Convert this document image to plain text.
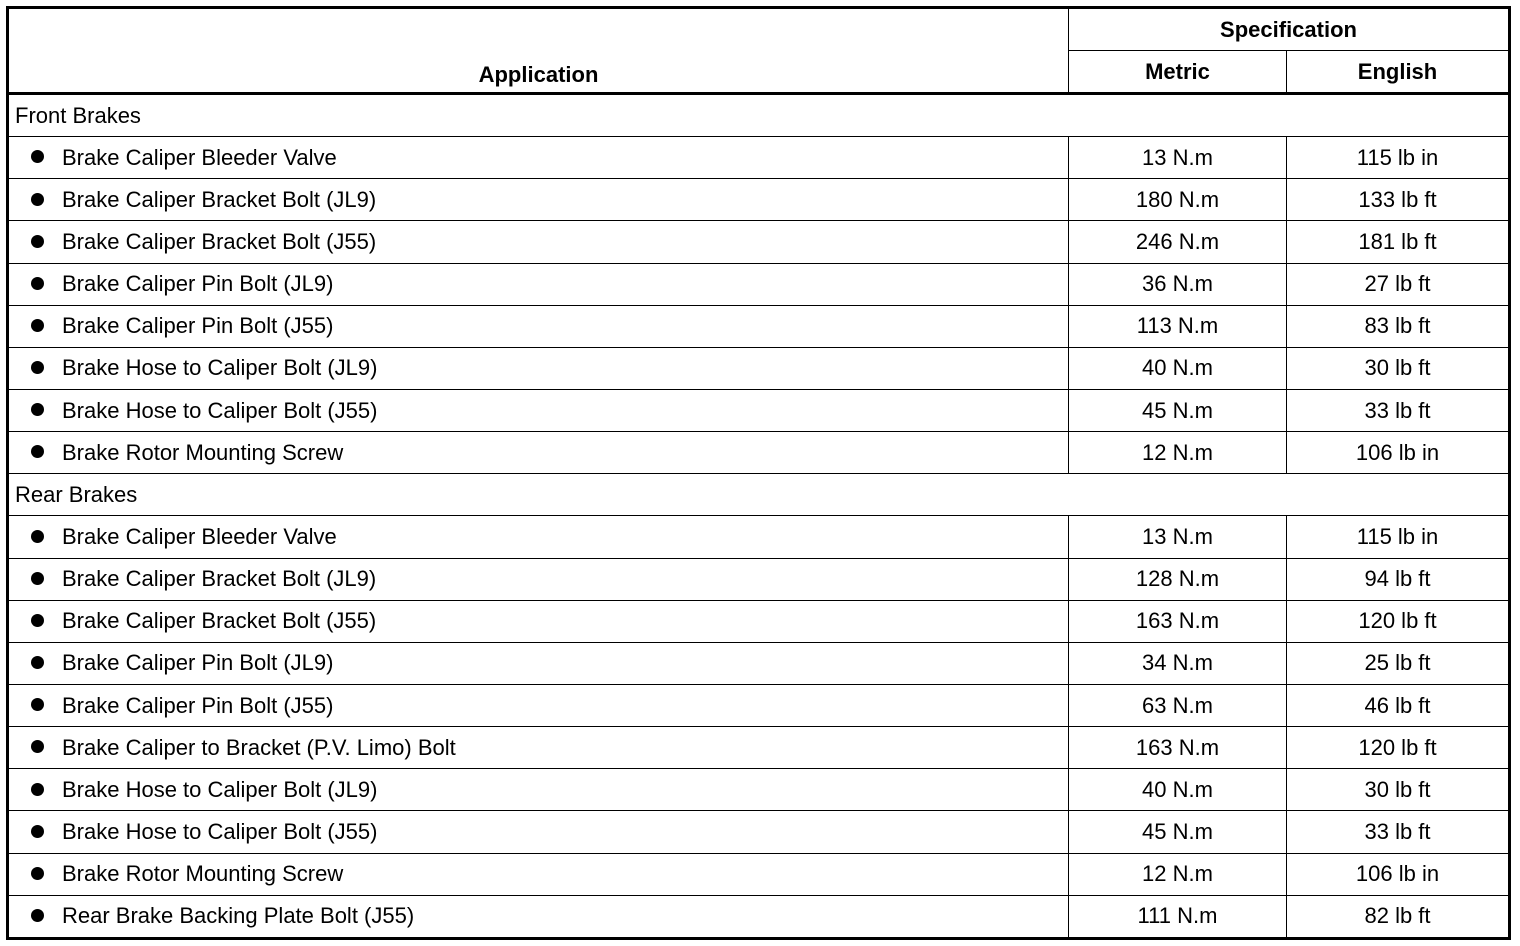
Application	Specification	
	Metric	English
Front Brakes		
Brake Caliper Bleeder Valve	13 N.m	115 lb in
Brake Caliper Bracket Bolt (JL9)	180 N.m	133 lb ft
Brake Caliper Bracket Bolt (J55)	246 N.m	181 lb ft
Brake Caliper Pin Bolt (JL9)	36 N.m	27 lb ft
Brake Caliper Pin Bolt (J55)	113 N.m	83 lb ft
Brake Hose to Caliper Bolt (JL9)	40 N.m	30 lb ft
Brake Hose to Caliper Bolt (J55)	45 N.m	33 lb ft
Brake Rotor Mounting Screw	12 N.m	106 lb in
Rear Brakes		
Brake Caliper Bleeder Valve	13 N.m	115 lb in
Brake Caliper Bracket Bolt (JL9)	128 N.m	94 lb ft
Brake Caliper Bracket Bolt (J55)	163 N.m	120 lb ft
Brake Caliper Pin Bolt (JL9)	34 N.m	25 lb ft
Brake Caliper Pin Bolt (J55)	63 N.m	46 lb ft
Brake Caliper to Bracket (P.V. Limo) Bolt	163 N.m	120 lb ft
Brake Hose to Caliper Bolt (JL9)	40 N.m	30 lb ft
Brake Hose to Caliper Bolt (J55)	45 N.m	33 lb ft
Brake Rotor Mounting Screw	12 N.m	106 lb in
Rear Brake Backing Plate Bolt (J55)	111 N.m	82 lb ft
